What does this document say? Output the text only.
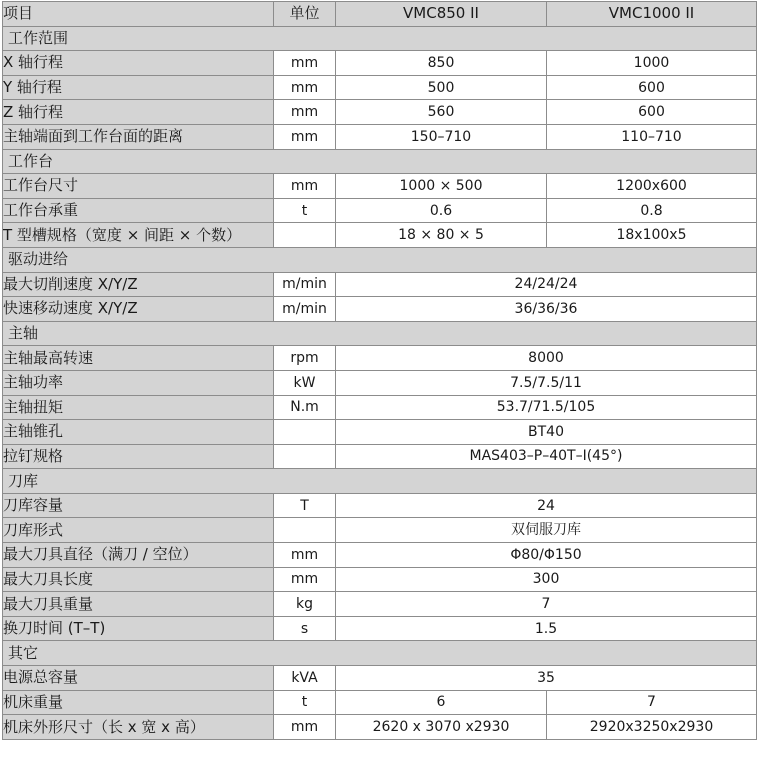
项目	单位	VMC850 II	VMC1000 II
工作范围			
X 轴行程	mm	850	1000
Y 轴行程	mm	500	600
Z 轴行程	mm	560	600
主轴端面到工作台面的距离	mm	150–710	110–710
工作台			
工作台尺寸	mm	1000 × 500	1200x600
工作台承重	t	0.6	0.8
T 型槽规格（宽度 × 间距 × 个数）		18 × 80 × 5	18x100x5
驱动进给			
最大切削速度 X/Y/Z	m/min	24/24/24	
快速移动速度 X/Y/Z	m/min	36/36/36	
主轴			
主轴最高转速	rpm	8000	
主轴功率	kW	7.5/7.5/11	
主轴扭矩	N.m	53.7/71.5/105	
主轴锥孔		BT40	
拉钉规格		MAS403–P–40T–I(45°)	
刀库			
刀库容量	T	24	
刀库形式		双伺服刀库	
最大刀具直径（满刀 / 空位）	mm	Φ80/Φ150	
最大刀具长度	mm	300	
最大刀具重量	kg	7	
换刀时间 (T–T)	s	1.5	
其它			
电源总容量	kVA	35	
机床重量	t	6	7
机床外形尺寸（长 x 宽 x 高）	mm	2620 x 3070 x2930	2920x3250x2930
